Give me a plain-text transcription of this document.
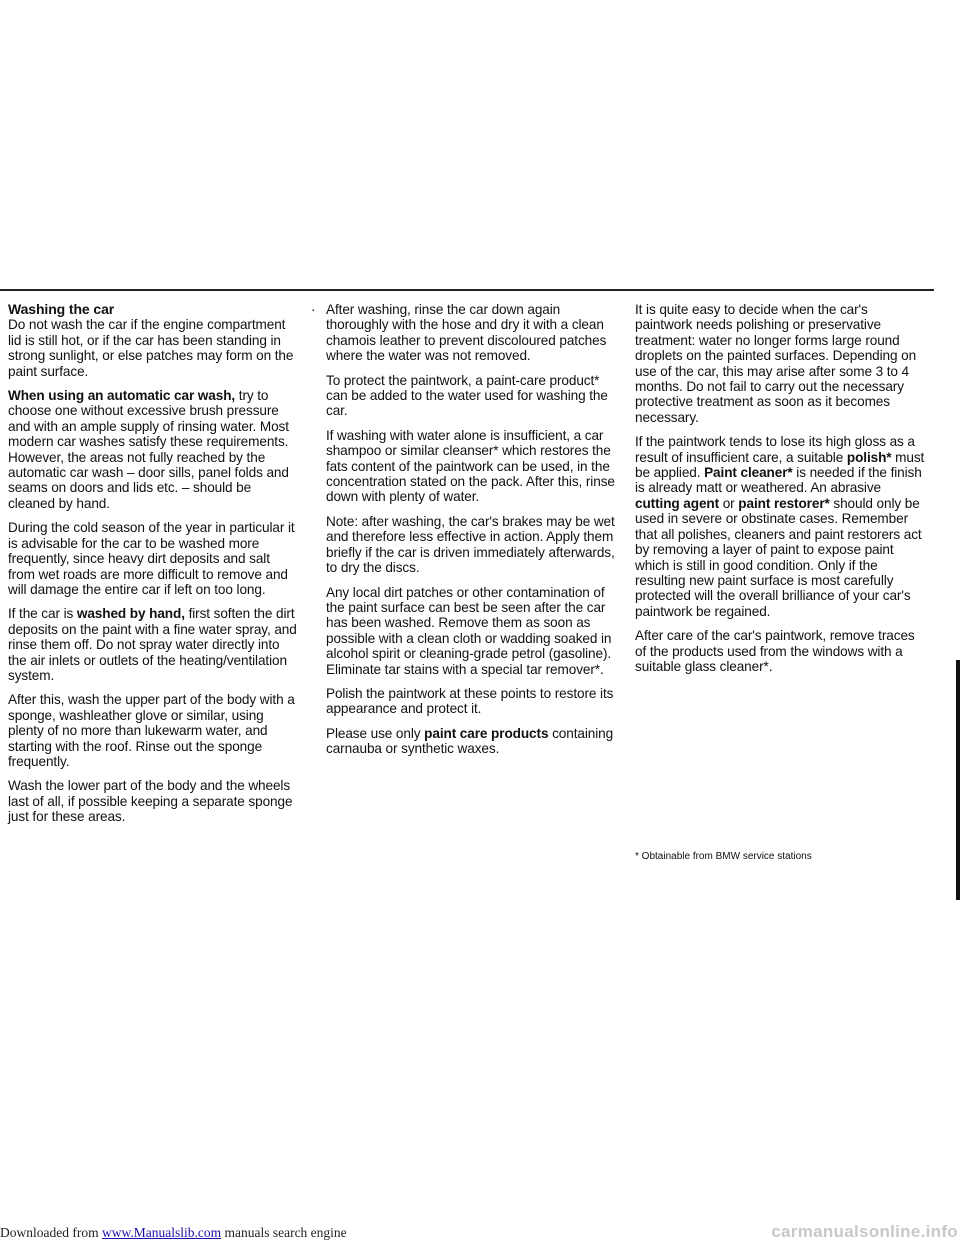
Washing the car

Do not wash the car if the engine compartment lid is still hot, or if the car has been standing in strong sunlight, or else patches may form on the paint surface.

When using an automatic car wash, try to choose one without excessive brush pressure and with an ample supply of rinsing water. Most modern car washes satisfy these requirements. However, the areas not fully reached by the automatic car wash – door sills, panel folds and seams on doors and lids etc. – should be cleaned by hand.

During the cold season of the year in particular it is advisable for the car to be washed more frequently, since heavy dirt deposits and salt from wet roads are more difficult to remove and will damage the entire car if left on too long.

If the car is washed by hand, first soften the dirt deposits on the paint with a fine water spray, and rinse them off. Do not spray water directly into the air inlets or outlets of the heating/ventilation system.

After this, wash the upper part of the body with a sponge, washleather glove or similar, using plenty of no more than lukewarm water, and starting with the roof. Rinse out the sponge frequently.

Wash the lower part of the body and the wheels last of all, if possible keeping a separate sponge just for these areas.

· After washing, rinse the car down again thoroughly with the hose and dry it with a clean chamois leather to prevent discoloured patches where the water was not removed.

To protect the paintwork, a paint-care product* can be added to the water used for washing the car.

If washing with water alone is insufficient, a car shampoo or similar cleanser* which restores the fats content of the paintwork can be used, in the concentration stated on the pack. After this, rinse down with plenty of water.

Note: after washing, the car's brakes may be wet and therefore less effective in action. Apply them briefly if the car is driven immediately afterwards, to dry the discs.

Any local dirt patches or other contamination of the paint surface can best be seen after the car has been washed. Remove them as soon as possible with a clean cloth or wadding soaked in alcohol spirit or cleaning-grade petrol (gasoline). Eliminate tar stains with a special tar remover*.

Polish the paintwork at these points to restore its appearance and protect it.

Please use only paint care products containing carnauba or synthetic waxes.

It is quite easy to decide when the car's paintwork needs polishing or preservative treatment: water no longer forms large round droplets on the painted surfaces. Depending on use of the car, this may arise after some 3 to 4 months. Do not fail to carry out the necessary protective treatment as soon as it becomes necessary.

If the paintwork tends to lose its high gloss as a result of insufficient care, a suitable polish* must be applied. Paint cleaner* is needed if the finish is already matt or weathered. An abrasive cutting agent or paint restorer* should only be used in severe or obstinate cases. Remember that all polishes, cleaners and paint restorers act by removing a layer of paint to expose paint which is still in good condition. Only if the resulting new paint surface is most carefully protected will the overall brilliance of your car's paintwork be regained.

After care of the car's paintwork, remove traces of the products used from the windows with a suitable glass cleaner*.

* Obtainable from BMW service stations
Downloaded from www.Manualslib.com manuals search engine	carmanualsonline.info
